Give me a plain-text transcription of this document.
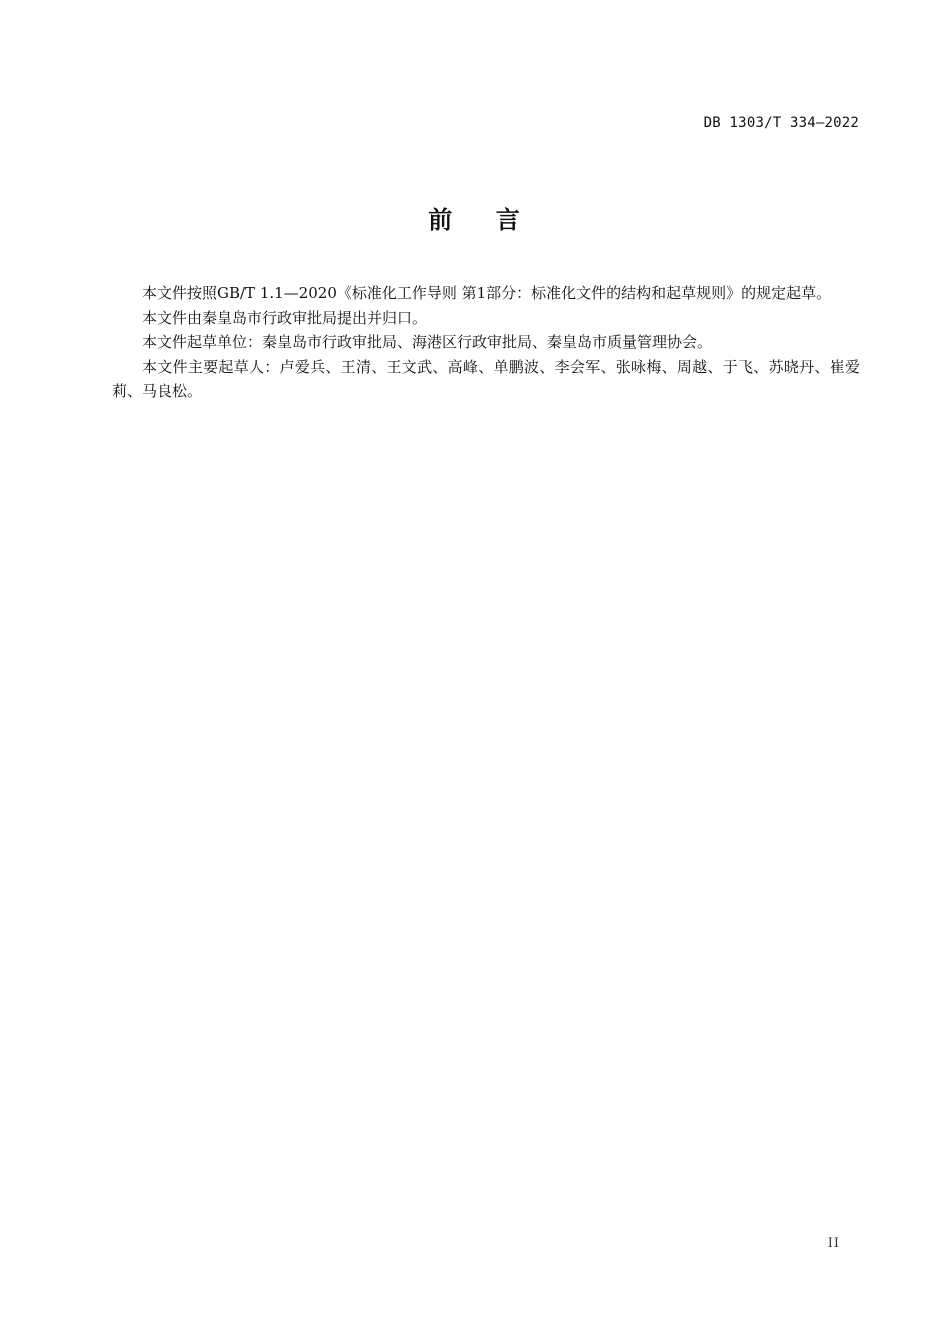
DB 1303/T 334—2022
前    言

本文件按照GB/T 1.1—2020《标准化工作导则 第1部分：标准化文件的结构和起草规则》的规定起草。

本文件由秦皇岛市行政审批局提出并归口。

本文件起草单位：秦皇岛市行政审批局、海港区行政审批局、秦皇岛市质量管理协会。

本文件主要起草人：卢爱兵、王清、王文武、高峰、单鹏波、李会军、张咏梅、周越、于飞、苏晓丹、崔爱莉、马良松。

II
